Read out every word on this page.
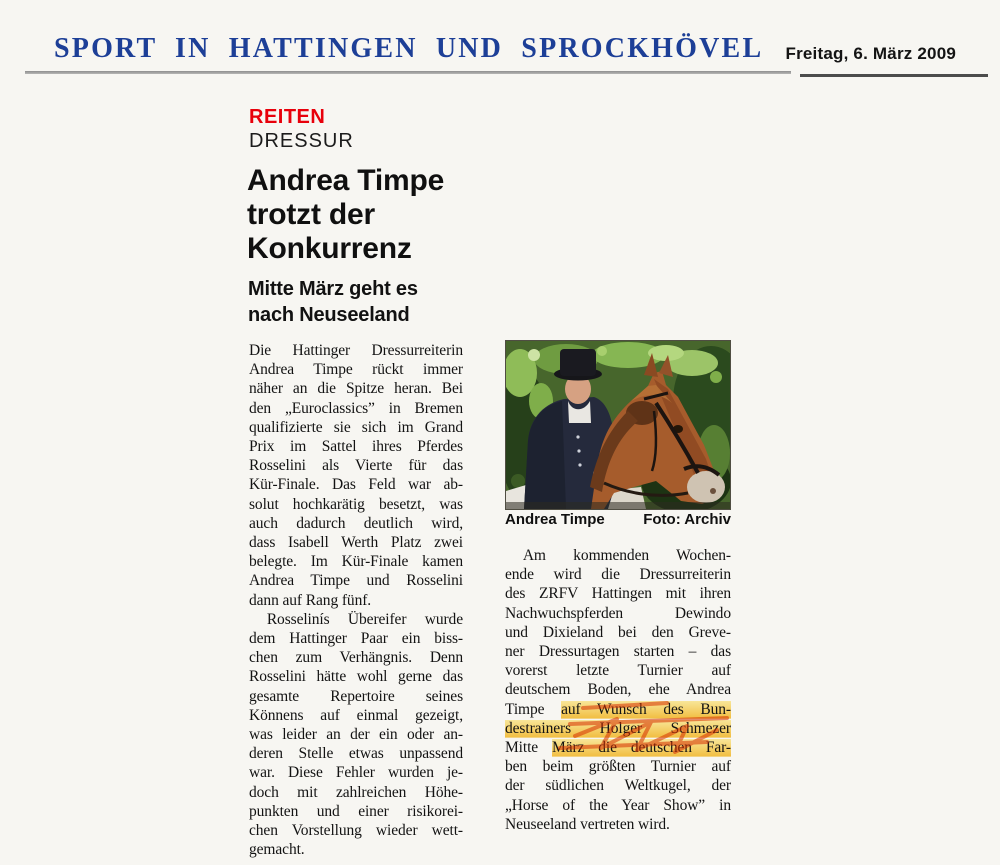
SPORT IN HATTINGEN UND SPROCKHÖVEL Freitag, 6. März 2009
REITEN
DRESSUR
Andrea Timpe
trotzt der
Konkurrenz
Mitte März geht es
nach Neuseeland
Die Hattinger Dressurreiterin
Andrea Timpe rückt immer
näher an die Spitze heran. Bei
den „Euroclassics” in Bremen
qualifizierte sie sich im Grand
Prix im Sattel ihres Pferdes
Rosselini als Vierte für das
Kür-Finale. Das Feld war ab-
solut hochkarätig besetzt, was
auch dadurch deutlich wird,
dass Isabell Werth Platz zwei
belegte. Im Kür-Finale kamen
Andrea Timpe und Rosselini
dann auf Rang fünf.
Rosselinís Übereifer wurde
dem Hattinger Paar ein biss-
chen zum Verhängnis. Denn
Rosselini hätte wohl gerne das
gesamte Repertoire seines
Könnens auf einmal gezeigt,
was leider an der ein oder an-
deren Stelle etwas unpassend
war. Diese Fehler wurden je-
doch mit zahlreichen Höhe-
punkten und einer risikorei-
chen Vorstellung wieder wett-
gemacht.
Andrea Timpe	Foto: Archiv
Am kommenden Wochen-
ende wird die Dressurreiterin
des ZRFV Hattingen mit ihren
Nachwuchspferden Dewindo
und Dixieland bei den Greve-
ner Dressurtagen starten – das
vorerst letzte Turnier auf
deutschem Boden, ehe Andrea
Timpe auf Wunsch des Bun-
destrainers Holger Schmezer
Mitte März die deutschen Far-
ben beim größten Turnier auf
der südlichen Weltkugel, der
„Horse of the Year Show” in
Neuseeland vertreten wird.
